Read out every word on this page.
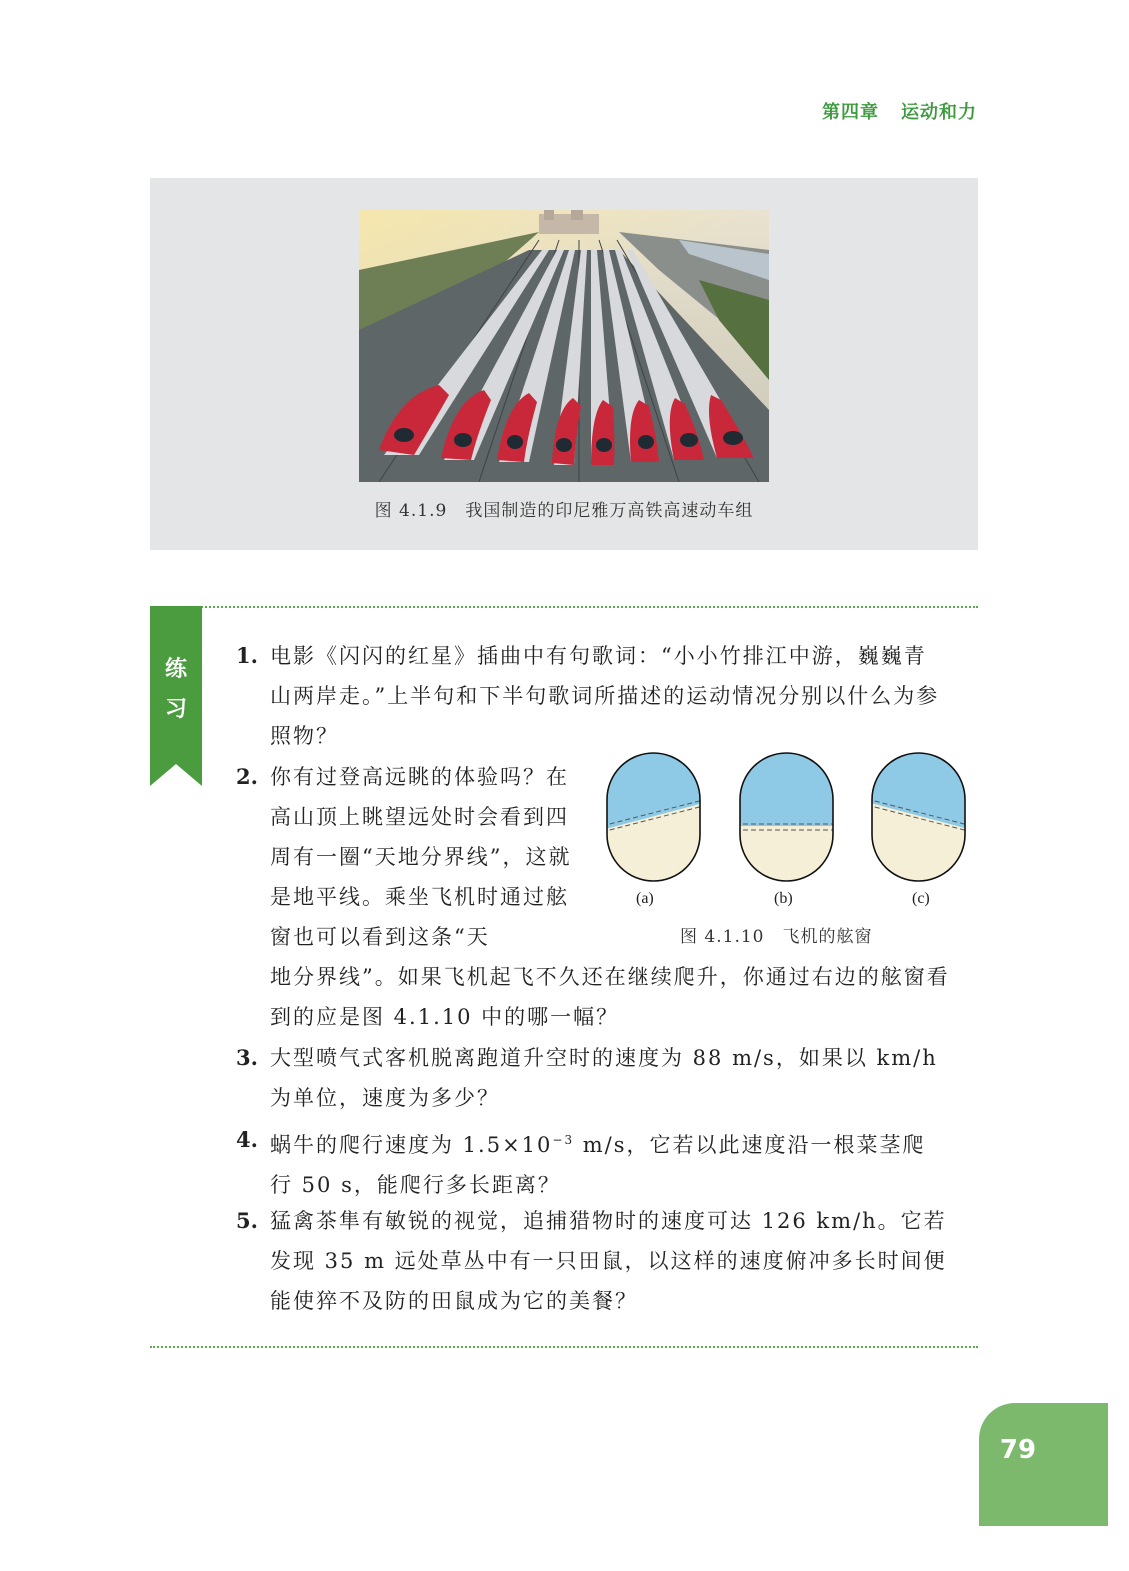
第四章 运动和力
图 4.1.9　我国制造的印尼雅万高铁高速动车组
练
习
1. 电影《闪闪的红星》插曲中有句歌词：“小小竹排江中游，巍巍青山两岸走。”上半句和下半句歌词所描述的运动情况分别以什么为参照物？
2. 你有过登高远眺的体验吗？在高山顶上眺望远处时会看到四周有一圈“天地分界线”，这就是地平线。乘坐飞机时通过舷窗也可以看到这条“天
地分界线”。如果飞机起飞不久还在继续爬升，你通过右边的舷窗看到的应是图 4.1.10 中的哪一幅？
(a)	(b)	(c)
图 4.1.10　飞机的舷窗
3. 大型喷气式客机脱离跑道升空时的速度为 88 m/s，如果以 km/h 为单位，速度为多少？
4. 蜗牛的爬行速度为 $1.5\times 10^{-3}$ m/s，它若以此速度沿一根菜茎爬行 50 s，能爬行多长距离？
5. 猛禽茶隼有敏锐的视觉，追捕猎物时的速度可达 126 km/h。它若发现 35 m 远处草丛中有一只田鼠，以这样的速度俯冲多长时间便能使猝不及防的田鼠成为它的美餐？
79
